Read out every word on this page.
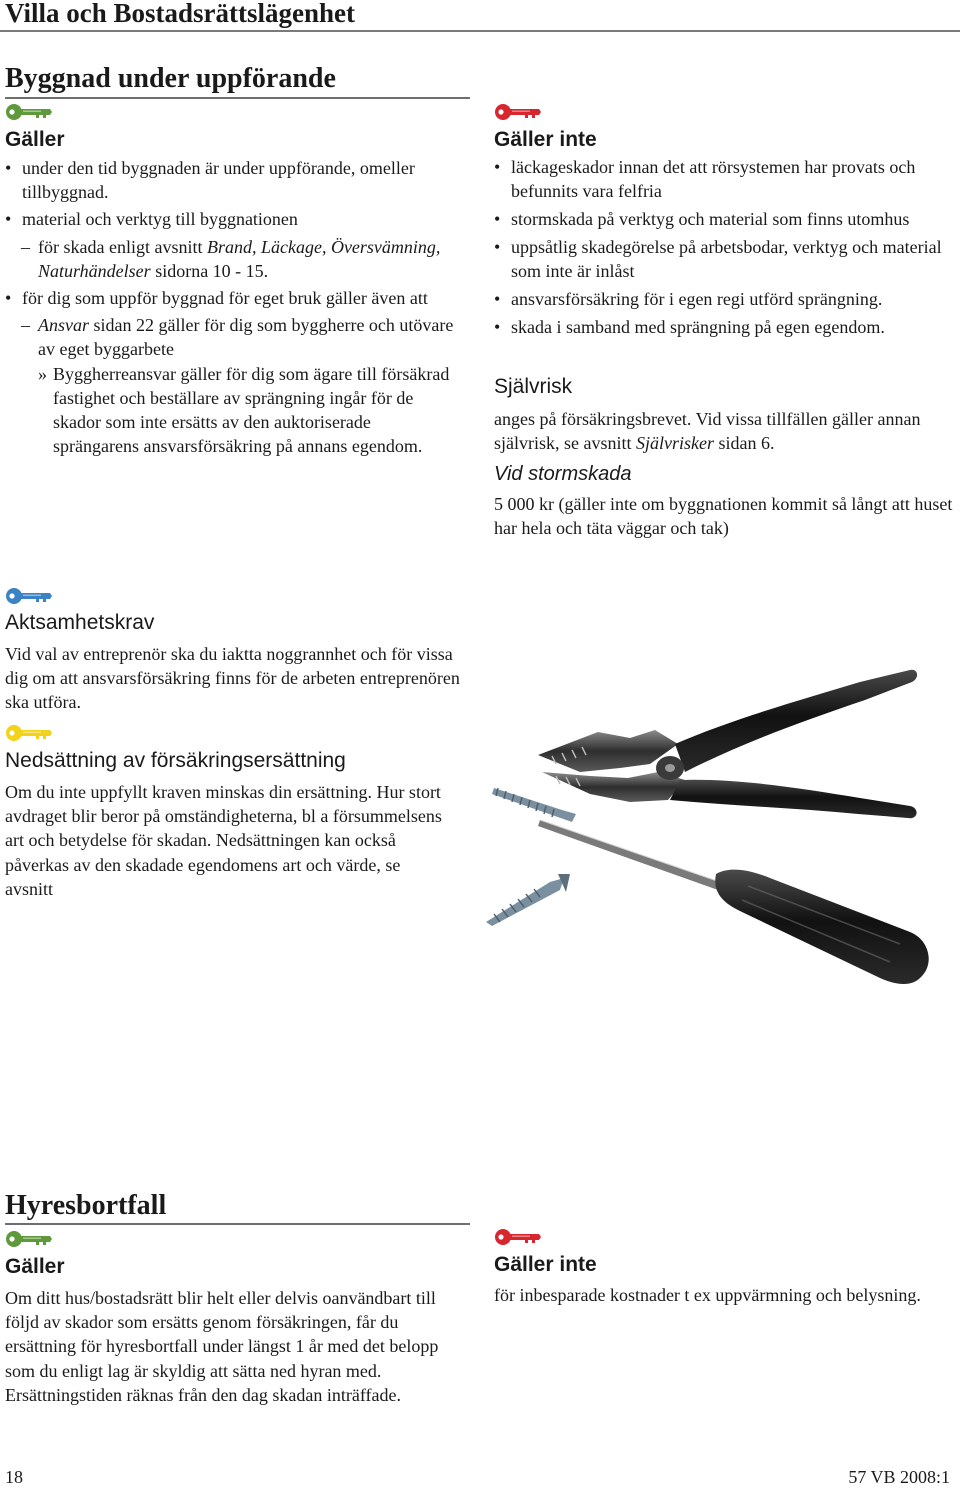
Villa och Bostadsrättslägenhet
Byggnad under uppförande
Gäller
• under den tid byggnaden är under uppförande, omeller tillbyggnad.
• material och verktyg till byggnationen
– för skada enligt avsnitt Brand, Läckage, Översvämning, Naturhändelser sidorna 10 - 15.
• för dig som uppför byggnad för eget bruk gäller även att
– Ansvar sidan 22 gäller för dig som byggherre och utövare av eget byggarbete
» Byggherreansvar gäller för dig som ägare till försäkrad fastighet och beställare av sprängning ingår för de skador som inte ersätts av den auktoriserade sprängarens ansvarsförsäkring på annans egendom.
Gäller inte
• läckageskador innan det att rörsystemen har provats och befunnits vara felfria
• stormskada på verktyg och material som finns utomhus
• uppsåtlig skadegörelse på arbetsbodar, verktyg och material som inte är inlåst
• ansvarsförsäkring för i egen regi utförd sprängning.
• skada i samband med sprängning på egen egendom.
Självrisk
anges på försäkringsbrevet. Vid vissa tillfällen gäller annan självrisk, se avsnitt Självrisker sidan 6.
Vid stormskada
5 000 kr (gäller inte om byggnationen kommit så långt att huset har hela och täta väggar och tak)
Aktsamhetskrav
Vid val av entreprenör ska du iaktta noggrannhet och för vissa dig om att ansvarsförsäkring finns för de arbeten entreprenören ska utföra.
Nedsättning av försäkringsersättning
Om du inte uppfyllt kraven minskas din ersättning. Hur stort avdraget blir beror på omständigheterna, bl a försummelsens art och betydelse för skadan. Nedsättningen kan också påverkas av den skadade egendomens art och värde, se avsnitt
Hyresbortfall
Gäller
Om ditt hus/bostadsrätt blir helt eller delvis oanvändbart till följd av skador som ersätts genom försäkringen, får du ersättning för hyresbortfall under längst 1 år med det belopp som du enligt lag är skyldig att sätta ned hyran med. Ersättningstiden räknas från den dag skadan inträffade.
Gäller inte
för inbesparade kostnader t ex uppvärmning och belysning.
18	57 VB 2008:1
